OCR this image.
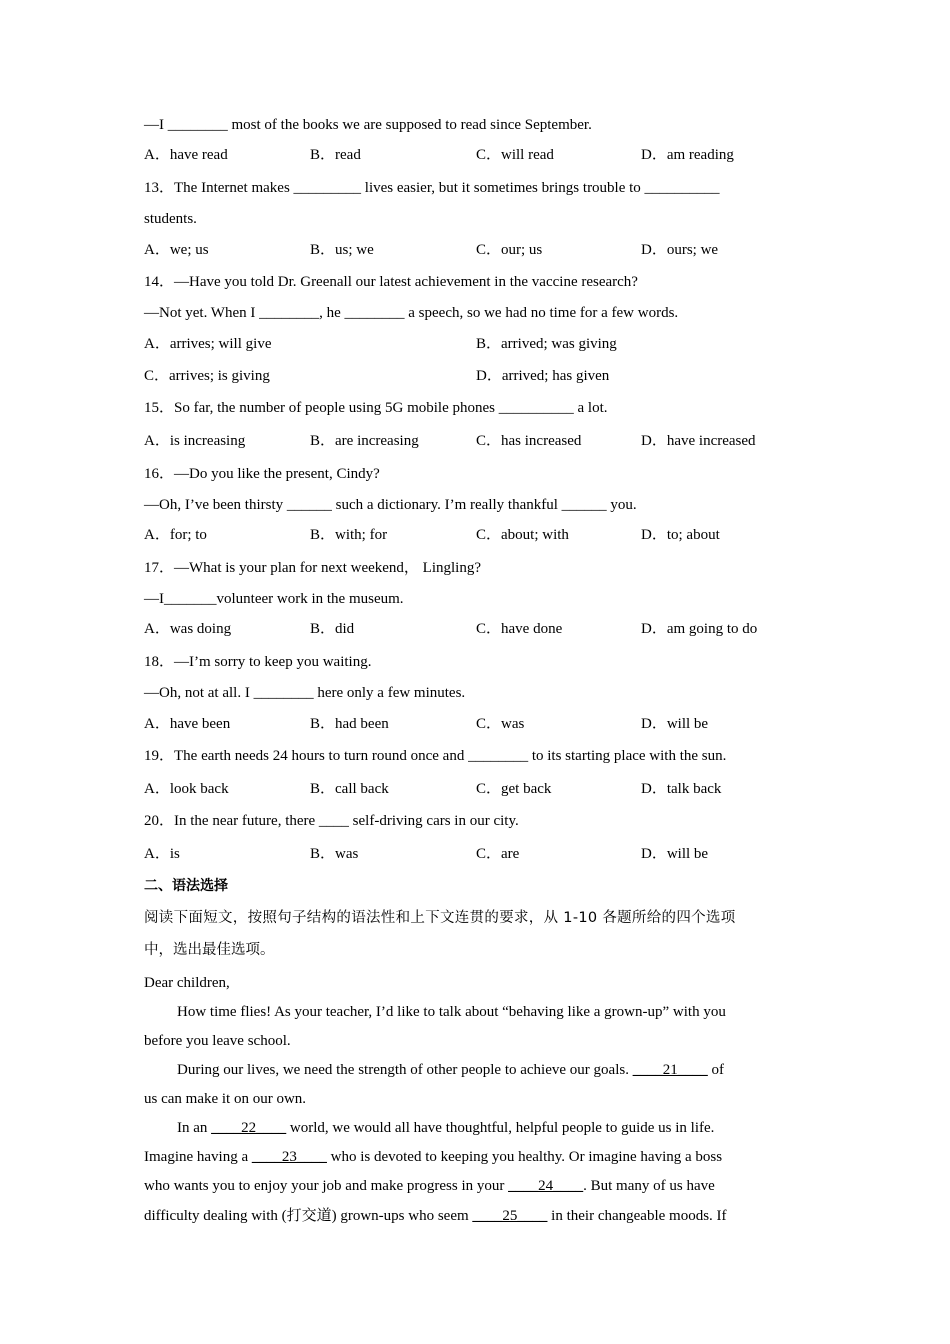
—I ________ most of the books we are supposed to read since September.
A．have read	B．read	C．will read	D．am reading
13．The Internet makes _________ lives easier, but it sometimes brings trouble to __________
students.
A．we; us	B．us; we	C．our; us	D．ours; we
14．—Have you told Dr. Greenall our latest achievement in the vaccine research?
—Not yet. When I ________, he ________ a speech, so we had no time for a few words.
A．arrives; will give	B．arrived; was giving
C．arrives; is giving	D．arrived; has given
15．So far, the number of people using 5G mobile phones __________ a lot.
A．is increasing	B．are increasing	C．has increased	D．have increased
16．—Do you like the present, Cindy?
—Oh, I’ve been thirsty ______ such a dictionary. I’m really thankful ______ you.
A．for; to	B．with; for	C．about; with	D．to; about
17．—What is your plan for next weekend， Lingling?
—I_______volunteer work in the museum.
A．was doing	B．did	C．have done	D．am going to do
18．—I’m sorry to keep you waiting.
—Oh, not at all. I ________ here only a few minutes.
A．have been	B．had been	C．was	D．will be
19．The earth needs 24 hours to turn round once and ________ to its starting place with the sun.
A．look back	B．call back	C．get back	D．talk back
20．In the near future, there ____ self-driving cars in our city.
A．is	B．was	C．are	D．will be
二、语法选择
阅读下面短文，按照句子结构的语法性和上下文连贯的要求，从 1-10 各题所给的四个选项
中，选出最佳选项。
Dear children,
How time flies! As your teacher, I’d like to talk about “behaving like a grown-up” with you
before you leave school.
During our lives, we need the strength of other people to achieve our goals. ____21____ of
us can make it on our own.
In an ____22____ world, we would all have thoughtful, helpful people to guide us in life.
Imagine having a ____23____ who is devoted to keeping you healthy. Or imagine having a boss
who wants you to enjoy your job and make progress in your ____24____. But many of us have
difficulty dealing with (打交道) grown-ups who seem ____25____ in their changeable moods. If
